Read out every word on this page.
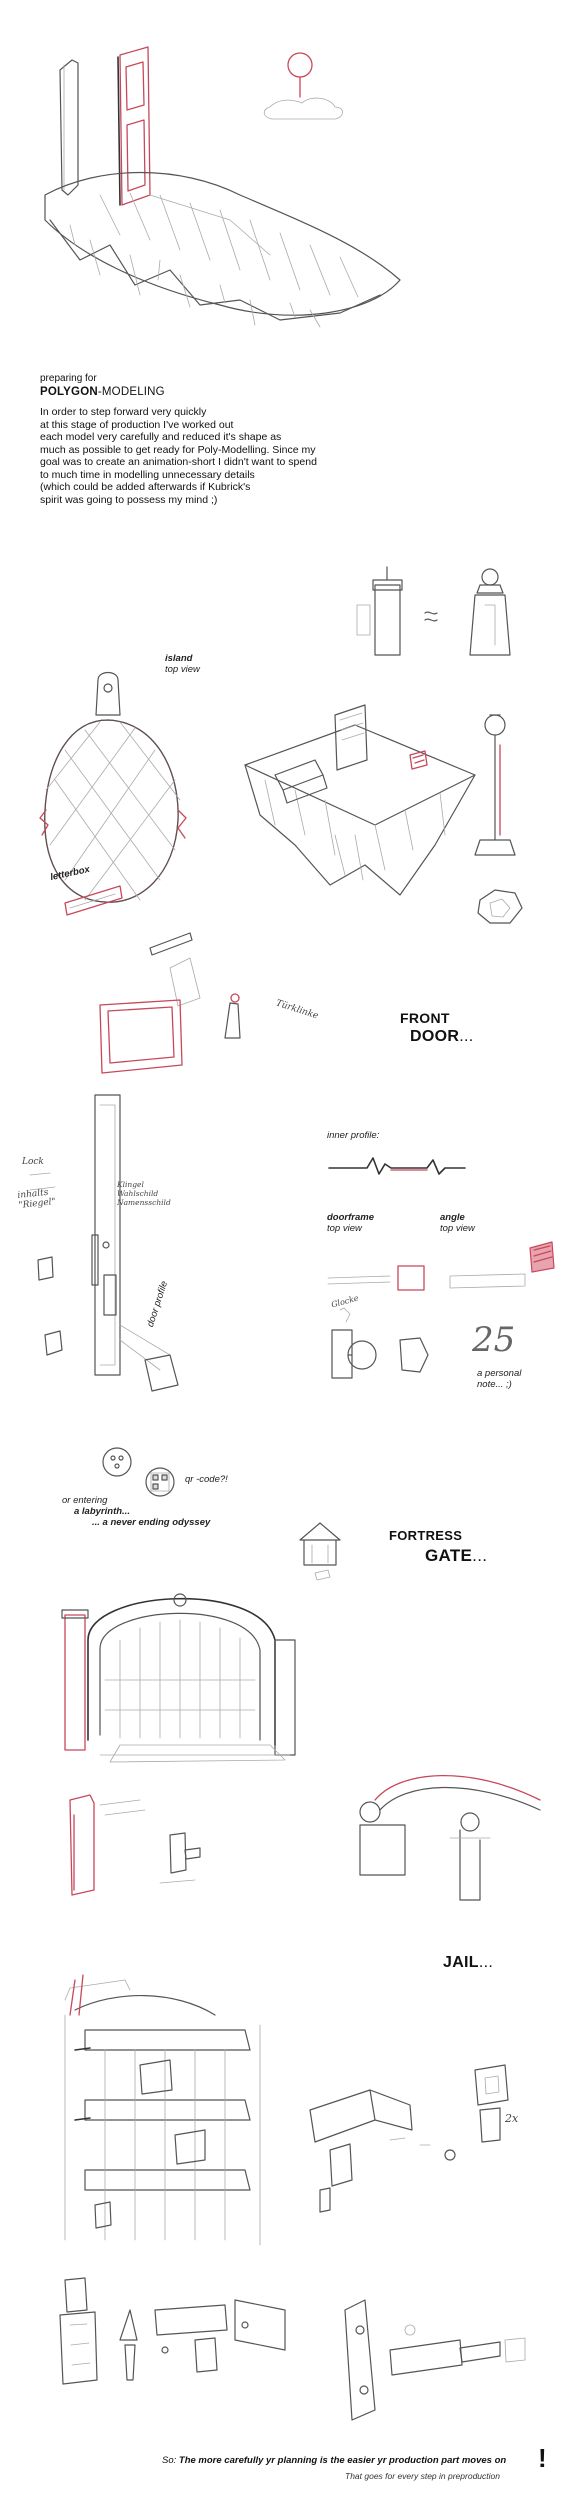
preparing for
POLYGON-MODELING
In order to step forward very quickly
at this stage of production I've worked out
each model very carefully and reduced it's shape as
much as possible to get ready for Poly-Modelling. Since my
goal was to create an animation-short I didn't want to spend
to much time in modelling unnecessary details
(which could be added afterwards if Kubrick's
spirit was going to possess my mind ;)
island
top view
letterbox
Türklinke	FRONT
DOOR...
Lock
inhalts
"Riegel"
Klingel
Wahlschild
Namensschild
door profile
inner profile:
doorframe
top view
angle
top view
Glocke
25
a personal
note... ;)
qr -code?!
or entering
a labyrinth...
... a never ending odyssey
FORTRESS
GATE...
JAIL...
2x
So: The more carefully yr planning is the easier yr production part moves on
That goes for every step in preproduction
!
